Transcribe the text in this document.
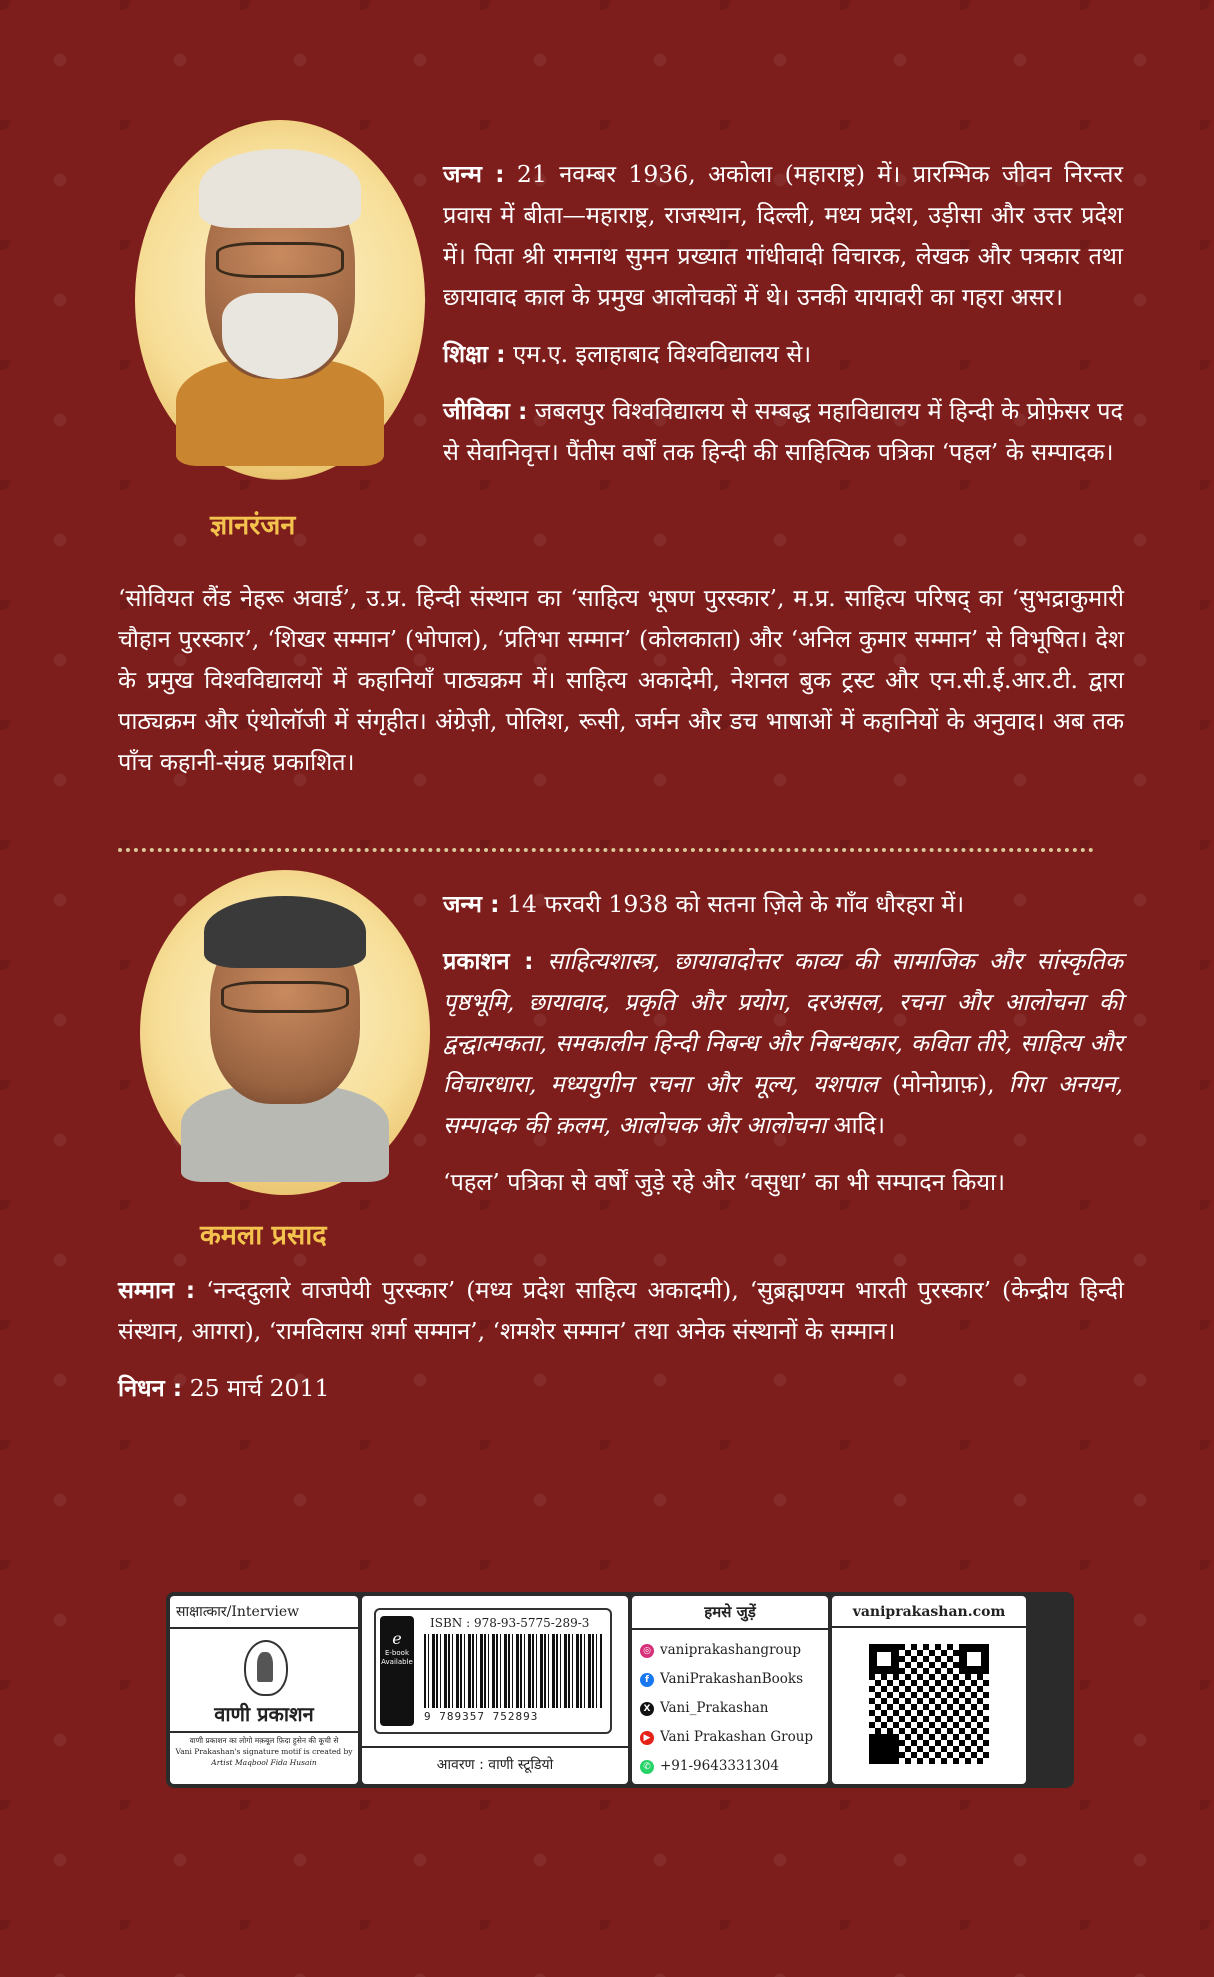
ज्ञानरंजन

जन्म : 21 नवम्बर 1936, अकोला (महाराष्ट्र) में। प्रारम्भिक जीवन निरन्तर प्रवास में बीता—महाराष्ट्र, राजस्थान, दिल्ली, मध्य प्रदेश, उड़ीसा और उत्तर प्रदेश में। पिता श्री रामनाथ सुमन प्रख्यात गांधीवादी विचारक, लेखक और पत्रकार तथा छायावाद काल के प्रमुख आलोचकों में थे। उनकी यायावरी का गहरा असर।

शिक्षा : एम.ए. इलाहाबाद विश्वविद्यालय से।

जीविका : जबलपुर विश्वविद्यालय से सम्बद्ध महाविद्यालय में हिन्दी के प्रोफ़ेसर पद से सेवानिवृत्त। पैंतीस वर्षों तक हिन्दी की साहित्यिक पत्रिका ‘पहल’ के सम्पादक।

‘सोवियत लैंड नेहरू अवार्ड’, उ.प्र. हिन्दी संस्थान का ‘साहित्य भूषण पुरस्कार’, म.प्र. साहित्य परिषद् का ‘सुभद्राकुमारी चौहान पुरस्कार’, ‘शिखर सम्मान’ (भोपाल), ‘प्रतिभा सम्मान’ (कोलकाता) और ‘अनिल कुमार सम्मान’ से विभूषित। देश के प्रमुख विश्वविद्यालयों में कहानियाँ पाठ्यक्रम में। साहित्य अकादेमी, नेशनल बुक ट्रस्ट और एन.सी.ई.आर.टी. द्वारा पाठ्यक्रम और एंथोलॉजी में संगृहीत। अंग्रेज़ी, पोलिश, रूसी, जर्मन और डच भाषाओं में कहानियों के अनुवाद। अब तक पाँच कहानी-संग्रह प्रकाशित।

कमला प्रसाद

जन्म : 14 फरवरी 1938 को सतना ज़िले के गाँव धौरहरा में।

प्रकाशन : साहित्यशास्त्र, छायावादोत्तर काव्य की सामाजिक और सांस्कृतिक पृष्ठभूमि, छायावाद, प्रकृति और प्रयोग, दरअसल, रचना और आलोचना की द्वन्द्वात्मकता, समकालीन हिन्दी निबन्ध और निबन्धकार, कविता तीरे, साहित्य और विचारधारा, मध्ययुगीन रचना और मूल्य, यशपाल (मोनोग्राफ़), गिरा अनयन, सम्पादक की क़लम, आलोचक और आलोचना आदि।

‘पहल’ पत्रिका से वर्षों जुड़े रहे और ‘वसुधा’ का भी सम्पादन किया।

सम्मान : ‘नन्ददुलारे वाजपेयी पुरस्कार’ (मध्य प्रदेश साहित्य अकादमी), ‘सुब्रह्मण्यम भारती पुरस्कार’ (केन्द्रीय हिन्दी संस्थान, आगरा), ‘रामविलास शर्मा सम्मान’, ‘शमशेर सम्मान’ तथा अनेक संस्थानों के सम्मान।

निधन : 25 मार्च 2011

साक्षात्कार/Interview
वाणी प्रकाशन
वाणी प्रकाशन का लोगो मक़बूल फ़िदा हुसेन की कूची से
Vani Prakashan's signature motif is created by
Artist Maqbool Fida Husain
e
E-book Available
ISBN : 978-93-5775-289-3
9 789357 752893
आवरण : वाणी स्टूडियो
हमसे जुड़ें
◎ vaniprakashangroup
f VaniPrakashanBooks
X Vani_Prakashan
▶ Vani Prakashan Group
✆ +91-9643331304
vaniprakashan.com
